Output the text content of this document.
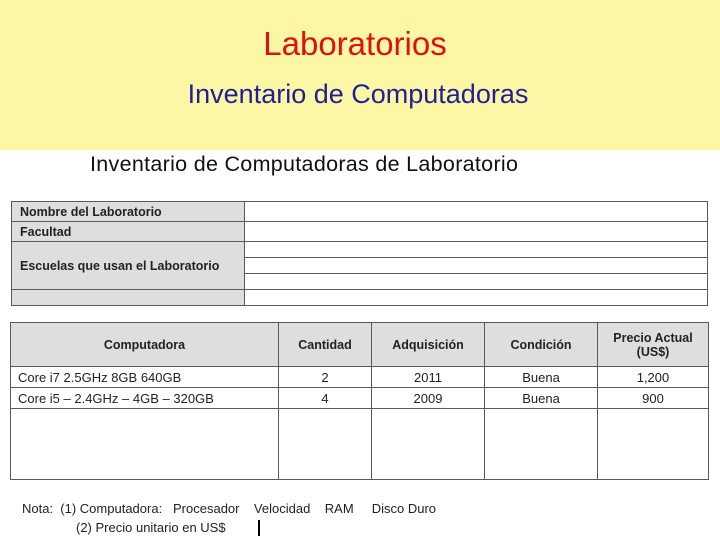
Laboratorios
Inventario de Computadoras
Inventario de Computadoras de Laboratorio
Nombre del Laboratorio	
Facultad	
Escuelas que usan el Laboratorio	

Computadora	Cantidad	Adquisición	Condición	Precio Actual (US$)
Core i7 2.5GHz 8GB 640GB	2	2011	Buena	1,200
Core i5 – 2.4GHz – 4GB – 320GB	4	2009	Buena	900

Nota:  (1) Computadora:   Procesador    Velocidad    RAM     Disco Duro
(2) Precio unitario en US$
